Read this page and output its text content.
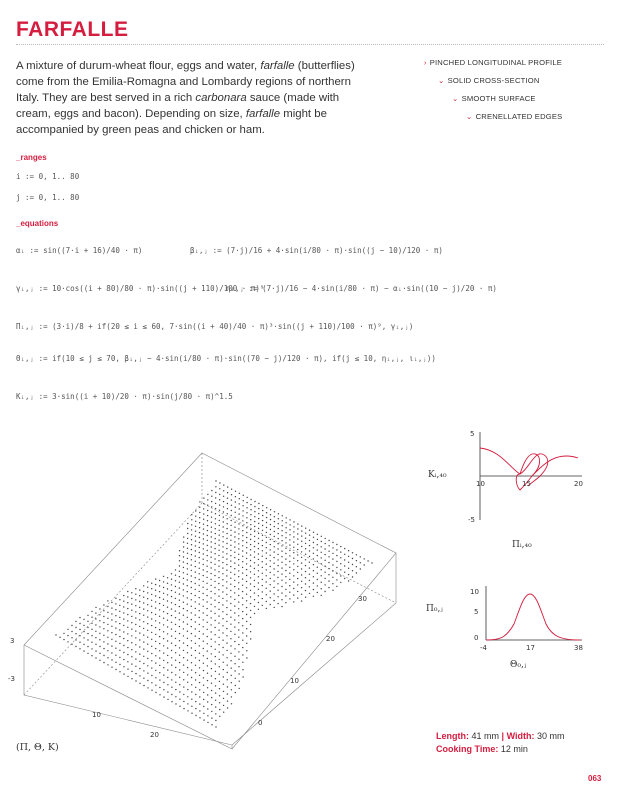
FARFALLE
A mixture of durum-wheat flour, eggs and water, farfalle (butterflies) come from the Emilia-Romagna and Lombardy regions of northern Italy. They are best served in a rich carbonara sauce (made with cream, eggs and bacon). Depending on size, farfalle might be accompanied by green peas and chicken or ham.
› PINCHED LONGITUDINAL PROFILE
⌄ SOLID CROSS-SECTION
⌄ SMOOTH SURFACE
⌄ CRENELLATED EDGES
_ranges
i := 0, 1.. 80
j := 0, 1.. 80
_equations
αᵢ := sin((7·i + 16)/40 · π)	βᵢ,ⱼ := (7·j)/16 + 4·sin(i/80 · π)·sin((j − 10)/120 · π)
γᵢ,ⱼ := 10·cos((i + 80)/80 · π)·sin((j + 110)/100 · π)⁹
ηᵢ,ⱼ := (7·j)/16 − 4·sin(i/80 · π) − αᵢ·sin((10 − j)/20 · π)
Πᵢ,ⱼ := (3·i)/8 + if(20 ≤ i ≤ 60, 7·sin((i + 40)/40 · π)³·sin((j + 110)/100 · π)⁹, γᵢ,ⱼ)
Θᵢ,ⱼ := if(10 ≤ j ≤ 70, βᵢ,ⱼ − 4·sin(i/80 · π)·sin((70 − j)/120 · π), if(j ≤ 10, ηᵢ,ⱼ, ιᵢ,ⱼ))
Kᵢ,ⱼ := 3·sin((i + 10)/20 · π)·sin(j/80 · π)^1.5
3
-3
10
20
0
10
20
30
(Π, Θ, K)
5
-5
10	15	20
Kᵢ,₄₀
Πᵢ,₄₀
10
5
0
-4	17	38
Π₀,ⱼ
Θ₀,ⱼ
Length: 41 mm | Width: 30 mm
Cooking Time: 12 min
063
